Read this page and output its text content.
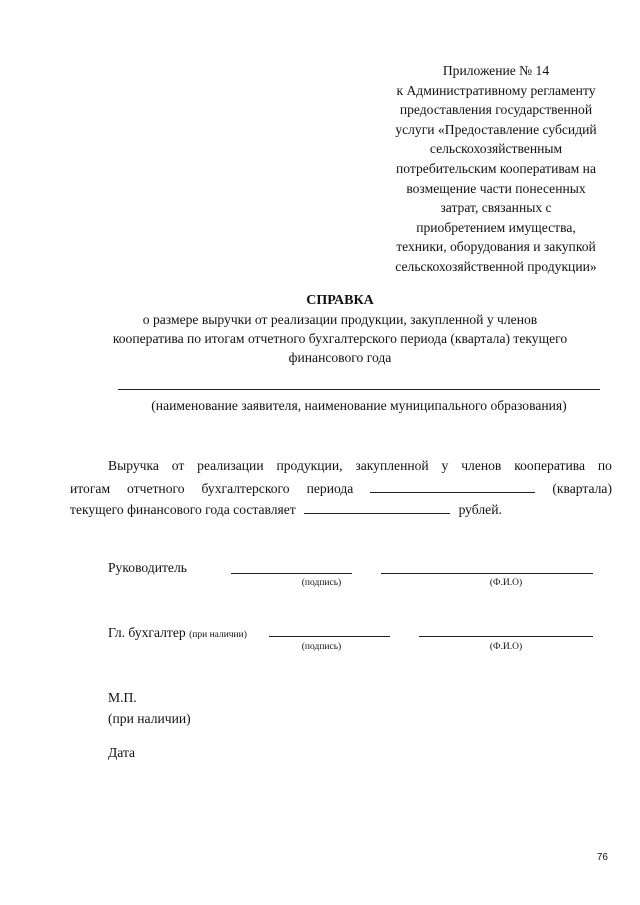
Приложение № 14
к Административному регламенту
предоставления государственной
услуги «Предоставление субсидий
сельскохозяйственным
потребительским кооперативам на
возмещение части понесенных
затрат, связанных с
приобретением имущества,
техники, оборудования и закупкой
сельскохозяйственной продукции»
СПРАВКА
о размере выручки от реализации продукции, закупленной у членов
кооператива по итогам отчетного бухгалтерского периода (квартала) текущего
финансового года
(наименование заявителя, наименование муниципального образования)
Выручка от реализации продукции, закупленной у членов кооператива по
итогам отчетного бухгалтерского периода	(квартала)
текущего финансового года составляет	рублей.
Руководитель
(подпись)	(Ф.И.О)
Гл. бухгалтер (при наличии)
(подпись)	(Ф.И.О)
М.П.
(при наличии)
Дата
76
